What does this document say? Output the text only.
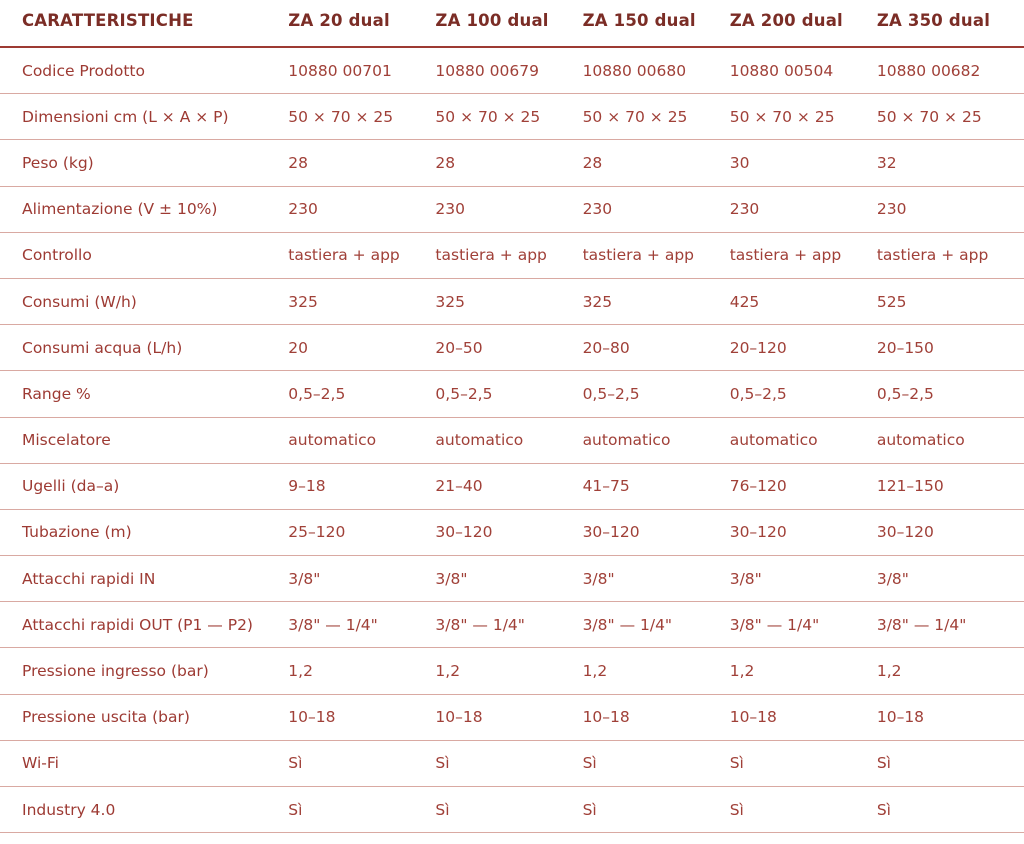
CARATTERISTICHE	ZA 20 dual	ZA 100 dual	ZA 150 dual	ZA 200 dual	ZA 350 dual
Codice Prodotto	10880 00701	10880 00679	10880 00680	10880 00504	10880 00682
Dimensioni cm (L × A × P)	50 × 70 × 25	50 × 70 × 25	50 × 70 × 25	50 × 70 × 25	50 × 70 × 25
Peso (kg)	28	28	28	30	32
Alimentazione (V ± 10%)	230	230	230	230	230
Controllo	tastiera + app	tastiera + app	tastiera + app	tastiera + app	tastiera + app
Consumi (W/h)	325	325	325	425	525
Consumi acqua (L/h)	20	20–50	20–80	20–120	20–150
Range %	0,5–2,5	0,5–2,5	0,5–2,5	0,5–2,5	0,5–2,5
Miscelatore	automatico	automatico	automatico	automatico	automatico
Ugelli (da–a)	9–18	21–40	41–75	76–120	121–150
Tubazione (m)	25–120	30–120	30–120	30–120	30–120
Attacchi rapidi IN	3/8"	3/8"	3/8"	3/8"	3/8"
Attacchi rapidi OUT (P1 — P2)	3/8" — 1/4"	3/8" — 1/4"	3/8" — 1/4"	3/8" — 1/4"	3/8" — 1/4"
Pressione ingresso (bar)	1,2	1,2	1,2	1,2	1,2
Pressione uscita (bar)	10–18	10–18	10–18	10–18	10–18
Wi-Fi	Sì	Sì	Sì	Sì	Sì
Industry 4.0	Sì	Sì	Sì	Sì	Sì
